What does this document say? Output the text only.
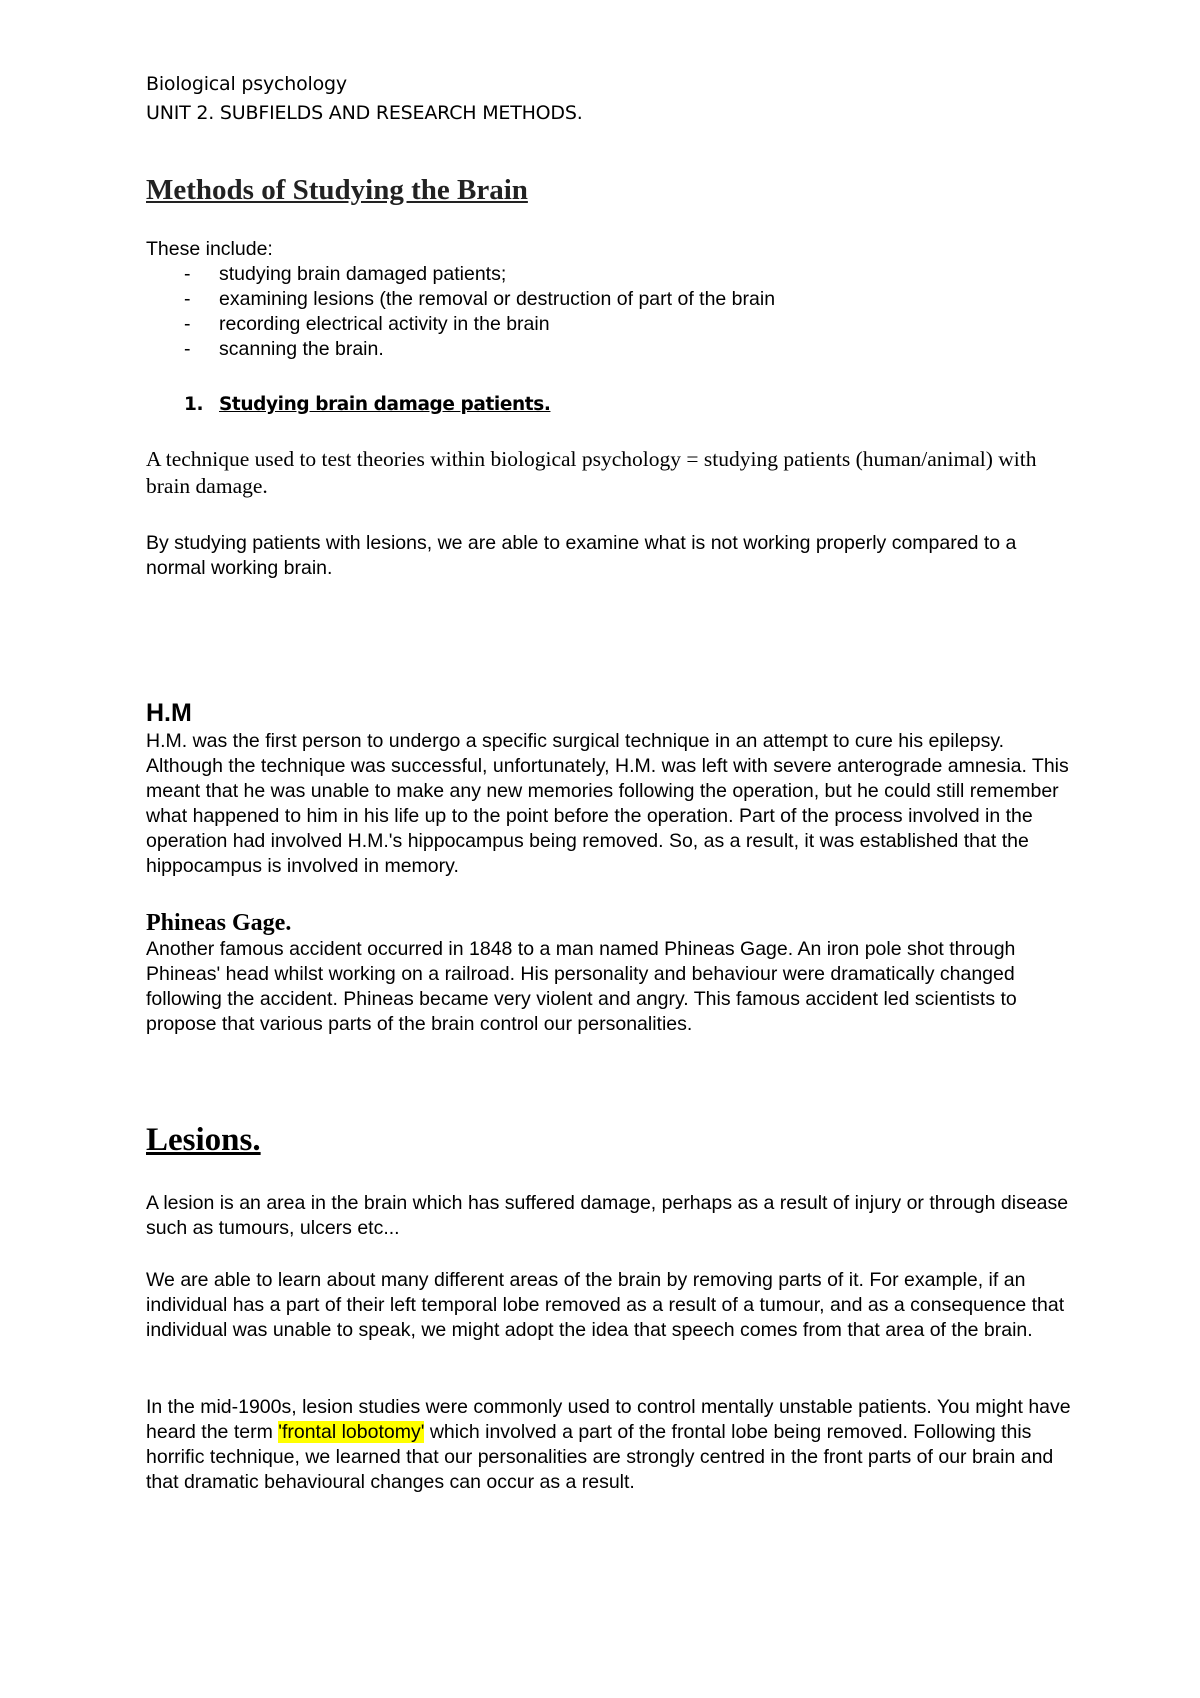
Biological psychology

UNIT 2. SUBFIELDS AND RESEARCH METHODS.

Methods of Studying the Brain

These include:

- studying brain damaged patients;
- examining lesions (the removal or destruction of part of the brain
- recording electrical activity in the brain
- scanning the brain.
1. Studying brain damage patients.

A technique used to test theories within biological psychology = studying patients (human/animal) with brain damage.

By studying patients with lesions, we are able to examine what is not working properly compared to a normal working brain.

H.M

H.M. was the first person to undergo a specific surgical technique in an attempt to cure his epilepsy. Although the technique was successful, unfortunately, H.M. was left with severe anterograde amnesia. This meant that he was unable to make any new memories following the operation, but he could still remember what happened to him in his life up to the point before the operation. Part of the process involved in the operation had involved H.M.'s hippocampus being removed. So, as a result, it was established that the hippocampus is involved in memory.

Phineas Gage.

Another famous accident occurred in 1848 to a man named Phineas Gage. An iron pole shot through Phineas' head whilst working on a railroad. His personality and behaviour were dramatically changed following the accident. Phineas became very violent and angry. This famous accident led scientists to propose that various parts of the brain control our personalities.

Lesions.

A lesion is an area in the brain which has suffered damage, perhaps as a result of injury or through disease such as tumours, ulcers etc...

We are able to learn about many different areas of the brain by removing parts of it. For example, if an individual has a part of their left temporal lobe removed as a result of a tumour, and as a consequence that individual was unable to speak, we might adopt the idea that speech comes from that area of the brain.

In the mid-1900s, lesion studies were commonly used to control mentally unstable patients. You might have heard the term 'frontal lobotomy' which involved a part of the frontal lobe being removed. Following this horrific technique, we learned that our personalities are strongly centred in the front parts of our brain and that dramatic behavioural changes can occur as a result.
